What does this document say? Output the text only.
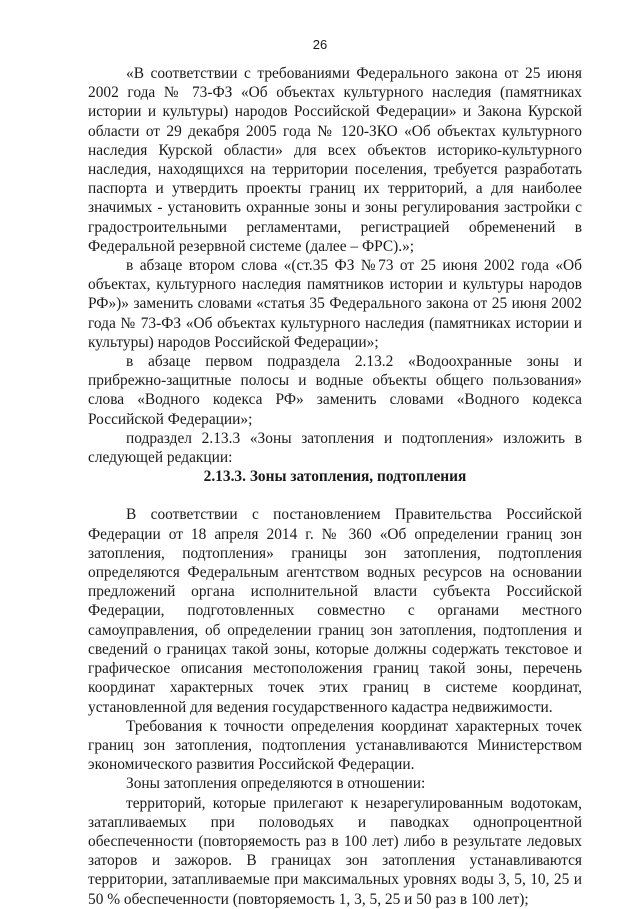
26

«В соответствии с требованиями Федерального закона от 25 июня 2002 года № 73-ФЗ «Об объектах культурного наследия (памятниках истории и культуры) народов Российской Федерации» и Закона Курской области от 29 декабря 2005 года № 120-ЗКО «Об объектах культурного наследия Курской области» для всех объектов историко-культурного наследия, находящихся на территории поселения, требуется разработать паспорта и утвердить проекты границ их территорий, а для наиболее значимых - установить охранные зоны и зоны регулирования застройки с градостроительными регламентами, регистрацией обременений в Федеральной резервной системе (далее – ФРС).»;

в абзаце втором слова «(ст.35 ФЗ №73 от 25 июня 2002 года «Об объектах, культурного наследия памятников истории и культуры народов РФ»)» заменить словами «статья 35 Федерального закона от 25 июня 2002 года № 73-ФЗ «Об объектах культурного наследия (памятниках истории и культуры) народов Российской Федерации»;

в абзаце первом подраздела 2.13.2 «Водоохранные зоны и прибрежно-защитные полосы и водные объекты общего пользования» слова «Водного кодекса РФ» заменить словами «Водного кодекса Российской Федерации»;

подраздел 2.13.3 «Зоны затопления и подтопления» изложить в следующей редакции:

2.13.3. Зоны затопления, подтопления

В соответствии с постановлением Правительства Российской Федерации от 18 апреля 2014 г. № 360 «Об определении границ зон затопления, подтопления» границы зон затопления, подтопления определяются Федеральным агентством водных ресурсов на основании предложений органа исполнительной власти субъекта Российской Федерации, подготовленных совместно с органами местного самоуправления, об определении границ зон затопления, подтопления и сведений о границах такой зоны, которые должны содержать текстовое и графическое описания местоположения границ такой зоны, перечень координат характерных точек этих границ в системе координат, установленной для ведения государственного кадастра недвижимости.

Требования к точности определения координат характерных точек границ зон затопления, подтопления устанавливаются Министерством экономического развития Российской Федерации.

Зоны затопления определяются в отношении:

территорий, которые прилегают к незарегулированным водотокам, затапливаемых при половодьях и паводках однопроцентной обеспеченности (повторяемость раз в 100 лет) либо в результате ледовых заторов и зажоров. В границах зон затопления устанавливаются территории, затапливаемые при максимальных уровнях воды 3, 5, 10, 25 и 50 % обеспеченности (повторяемость 1, 3, 5, 25 и 50 раз в 100 лет);
